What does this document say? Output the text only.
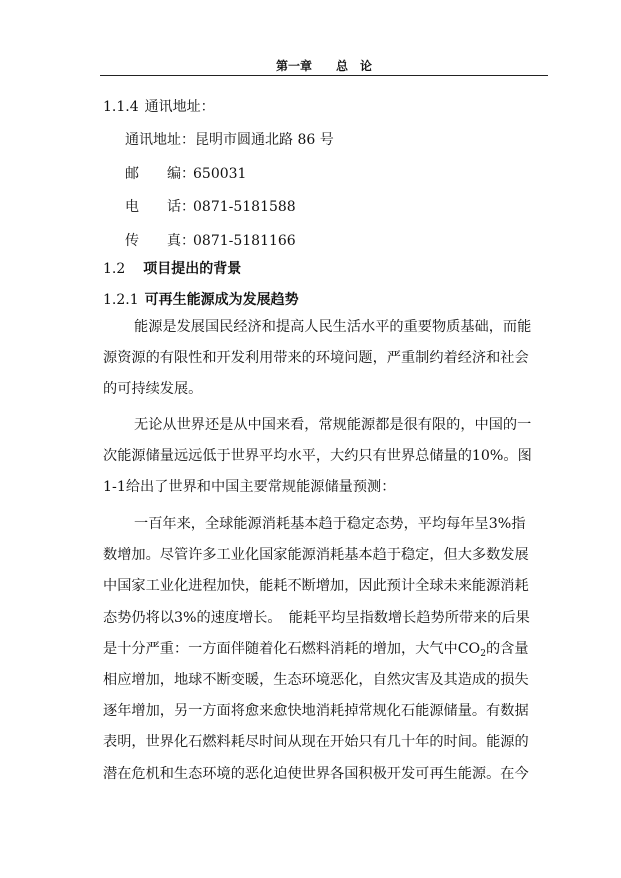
第一章　　总　论
1.1.4 通讯地址：
通讯地址：昆明市圆通北路 86 号
邮　　编：650031
电　　话：0871-5181588
传　　真：0871-5181166
1.2 项目提出的背景
1.2.1 可再生能源成为发展趋势
能源是发展国民经济和提高人民生活水平的重要物质基础，而能
源资源的有限性和开发利用带来的环境问题，严重制约着经济和社会
的可持续发展。
无论从世界还是从中国来看，常规能源都是很有限的，中国的一
次能源储量远远低于世界平均水平，大约只有世界总储量的10%。图
1-1给出了世界和中国主要常规能源储量预测：
一百年来，全球能源消耗基本趋于稳定态势，平均每年呈3%指
数增加。尽管许多工业化国家能源消耗基本趋于稳定，但大多数发展
中国家工业化进程加快，能耗不断增加，因此预计全球未来能源消耗
态势仍将以3%的速度增长。　能耗平均呈指数增长趋势所带来的后果
是十分严重：一方面伴随着化石燃料消耗的增加，大气中$CO_2$的含量
相应增加，地球不断变暖，生态环境恶化，自然灾害及其造成的损失
逐年增加，另一方面将愈来愈快地消耗掉常规化石能源储量。有数据
表明，世界化石燃料耗尽时间从现在开始只有几十年的时间。能源的
潜在危机和生态环境的恶化迫使世界各国积极开发可再生能源。在今
